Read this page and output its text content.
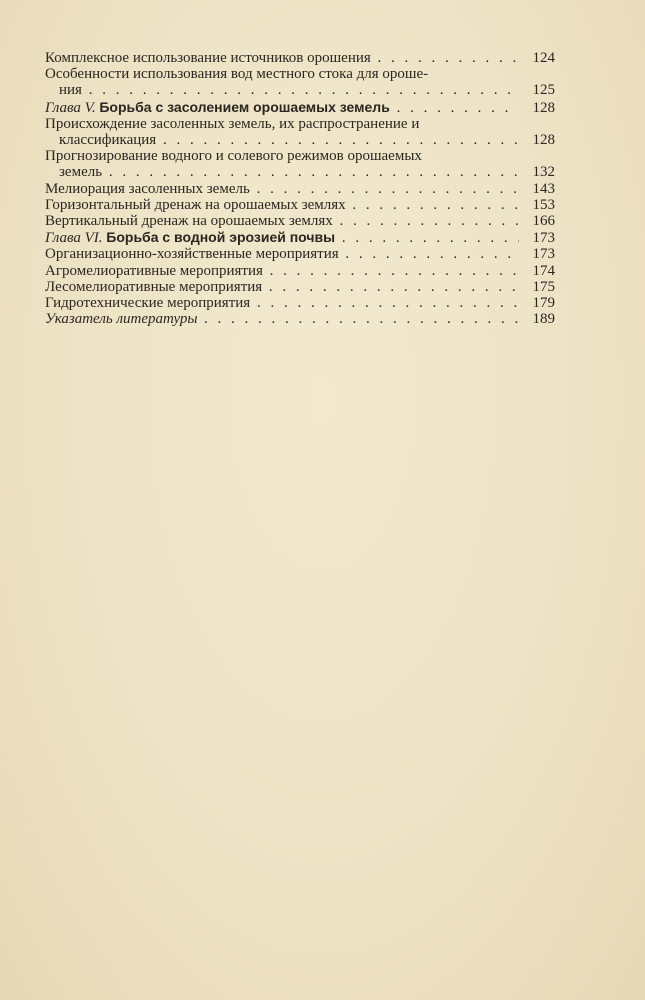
Комплексное использование источников орошения . . .	124
Особенности использования вод местного стока для ороше-
ния . . .	125
Глава V. Борьба с засолением орошаемых земель . . .	128
Происхождение засоленных земель, их распространение и
классификация . . .	128
Прогнозирование водного и солевого режимов орошаемых
земель . . .	132
Мелиорация засоленных земель . . .	143
Горизонтальный дренаж на орошаемых землях . . .	153
Вертикальный дренаж на орошаемых землях . . .	166
Глава VI. Борьба с водной эрозией почвы . . .	173
Организационно-хозяйственные мероприятия . . .	173
Агромелиоративные мероприятия . . .	174
Лесомелиоративные мероприятия . . .	175
Гидротехнические мероприятия . . .	179
Указатель литературы . . .	189
